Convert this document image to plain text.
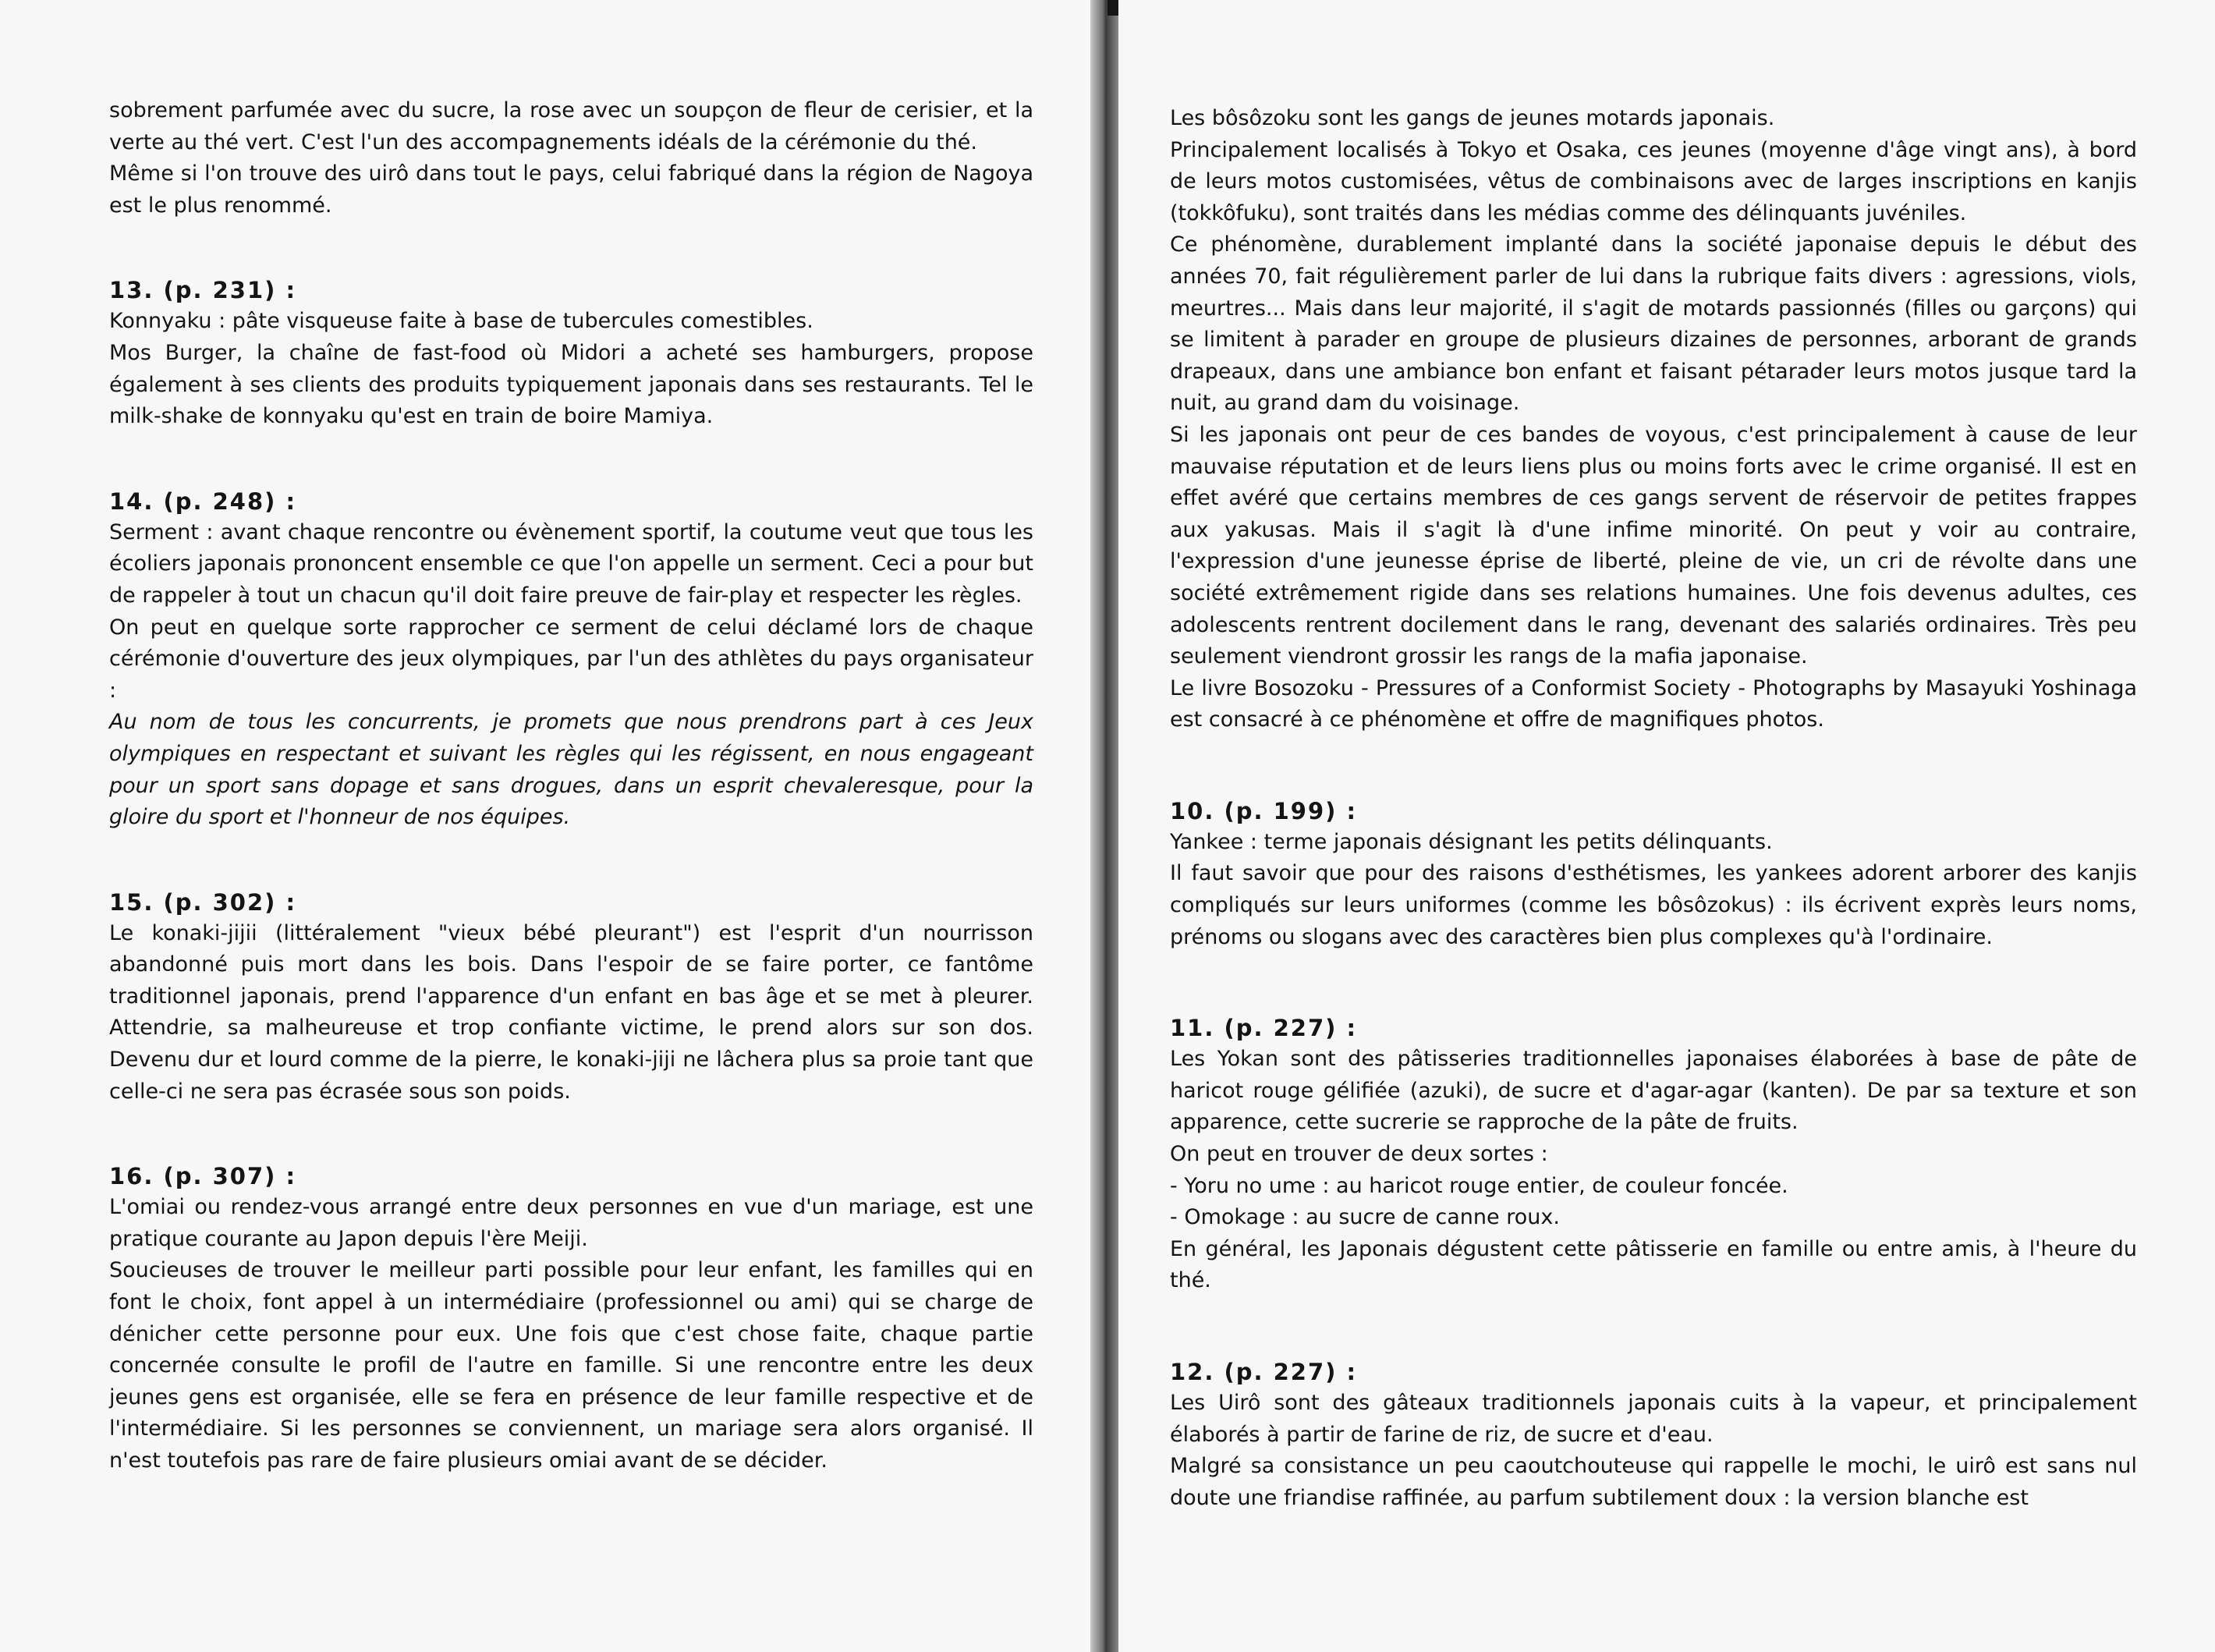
sobrement parfumée avec du sucre, la rose avec un soupçon de fleur de cerisier, et la verte au thé vert. C'est l'un des accompagnements idéals de la cérémonie du thé.

Même si l'on trouve des uirô dans tout le pays, celui fabriqué dans la région de Nagoya est le plus renommé.

13. (p. 231) :

Konnyaku : pâte visqueuse faite à base de tubercules comestibles.

Mos Burger, la chaîne de fast-food où Midori a acheté ses hamburgers, propose également à ses clients des produits typiquement japonais dans ses restaurants. Tel le milk-shake de konnyaku qu'est en train de boire Mamiya.

14. (p. 248) :

Serment : avant chaque rencontre ou évènement sportif, la coutume veut que tous les écoliers japonais prononcent ensemble ce que l'on appelle un serment. Ceci a pour but de rappeler à tout un chacun qu'il doit faire preuve de fair-play et respecter les règles.

On peut en quelque sorte rapprocher ce serment de celui déclamé lors de chaque cérémonie d'ouverture des jeux olympiques, par l'un des athlètes du pays organisateur :

Au nom de tous les concurrents, je promets que nous prendrons part à ces Jeux olympiques en respectant et suivant les règles qui les régissent, en nous engageant pour un sport sans dopage et sans drogues, dans un esprit chevaleresque, pour la gloire du sport et l'honneur de nos équipes.

15. (p. 302) :

Le konaki-jijii (littéralement "vieux bébé pleurant") est l'esprit d'un nourrisson abandonné puis mort dans les bois. Dans l'espoir de se faire porter, ce fantôme traditionnel japonais, prend l'apparence d'un enfant en bas âge et se met à pleurer. Attendrie, sa malheureuse et trop confiante victime, le prend alors sur son dos. Devenu dur et lourd comme de la pierre, le konaki-jiji ne lâchera plus sa proie tant que celle-ci ne sera pas écrasée sous son poids.

16. (p. 307) :

L'omiai ou rendez-vous arrangé entre deux personnes en vue d'un mariage, est une pratique courante au Japon depuis l'ère Meiji.

Soucieuses de trouver le meilleur parti possible pour leur enfant, les familles qui en font le choix, font appel à un intermédiaire (professionnel ou ami) qui se charge de dénicher cette personne pour eux. Une fois que c'est chose faite, chaque partie concernée consulte le profil de l'autre en famille. Si une rencontre entre les deux jeunes gens est organisée, elle se fera en présence de leur famille respective et de l'intermédiaire. Si les personnes se conviennent, un mariage sera alors organisé. Il n'est toutefois pas rare de faire plusieurs omiai avant de se décider.

Les bôsôzoku sont les gangs de jeunes motards japonais.

Principalement localisés à Tokyo et Osaka, ces jeunes (moyenne d'âge vingt ans), à bord de leurs motos customisées, vêtus de combinaisons avec de larges inscriptions en kanjis (tokkôfuku), sont traités dans les médias comme des délinquants juvéniles.

Ce phénomène, durablement implanté dans la société japonaise depuis le début des années 70, fait régulièrement parler de lui dans la rubrique faits divers : agressions, viols, meurtres... Mais dans leur majorité, il s'agit de motards passionnés (filles ou garçons) qui se limitent à parader en groupe de plusieurs dizaines de personnes, arborant de grands drapeaux, dans une ambiance bon enfant et faisant pétarader leurs motos jusque tard la nuit, au grand dam du voisinage.

Si les japonais ont peur de ces bandes de voyous, c'est principalement à cause de leur mauvaise réputation et de leurs liens plus ou moins forts avec le crime organisé. Il est en effet avéré que certains membres de ces gangs servent de réservoir de petites frappes aux yakusas. Mais il s'agit là d'une infime minorité. On peut y voir au contraire, l'expression d'une jeunesse éprise de liberté, pleine de vie, un cri de révolte dans une société extrêmement rigide dans ses relations humaines. Une fois devenus adultes, ces adolescents rentrent docilement dans le rang, devenant des salariés ordinaires. Très peu seulement viendront grossir les rangs de la mafia japonaise.

Le livre Bosozoku - Pressures of a Conformist Society - Photographs by Masayuki Yoshinaga est consacré à ce phénomène et offre de magnifiques photos.

10. (p. 199) :

Yankee : terme japonais désignant les petits délinquants.

Il faut savoir que pour des raisons d'esthétismes, les yankees adorent arborer des kanjis compliqués sur leurs uniformes (comme les bôsôzokus) : ils écrivent exprès leurs noms, prénoms ou slogans avec des caractères bien plus complexes qu'à l'ordinaire.

11. (p. 227) :

Les Yokan sont des pâtisseries traditionnelles japonaises élaborées à base de pâte de haricot rouge gélifiée (azuki), de sucre et d'agar-agar (kanten). De par sa texture et son apparence, cette sucrerie se rapproche de la pâte de fruits.

On peut en trouver de deux sortes :

- Yoru no ume : au haricot rouge entier, de couleur foncée.

- Omokage : au sucre de canne roux.

En général, les Japonais dégustent cette pâtisserie en famille ou entre amis, à l'heure du thé.

12. (p. 227) :

Les Uirô sont des gâteaux traditionnels japonais cuits à la vapeur, et principalement élaborés à partir de farine de riz, de sucre et d'eau.

Malgré sa consistance un peu caoutchouteuse qui rappelle le mochi, le uirô est sans nul doute une friandise raffinée, au parfum subtilement doux : la version blanche est
